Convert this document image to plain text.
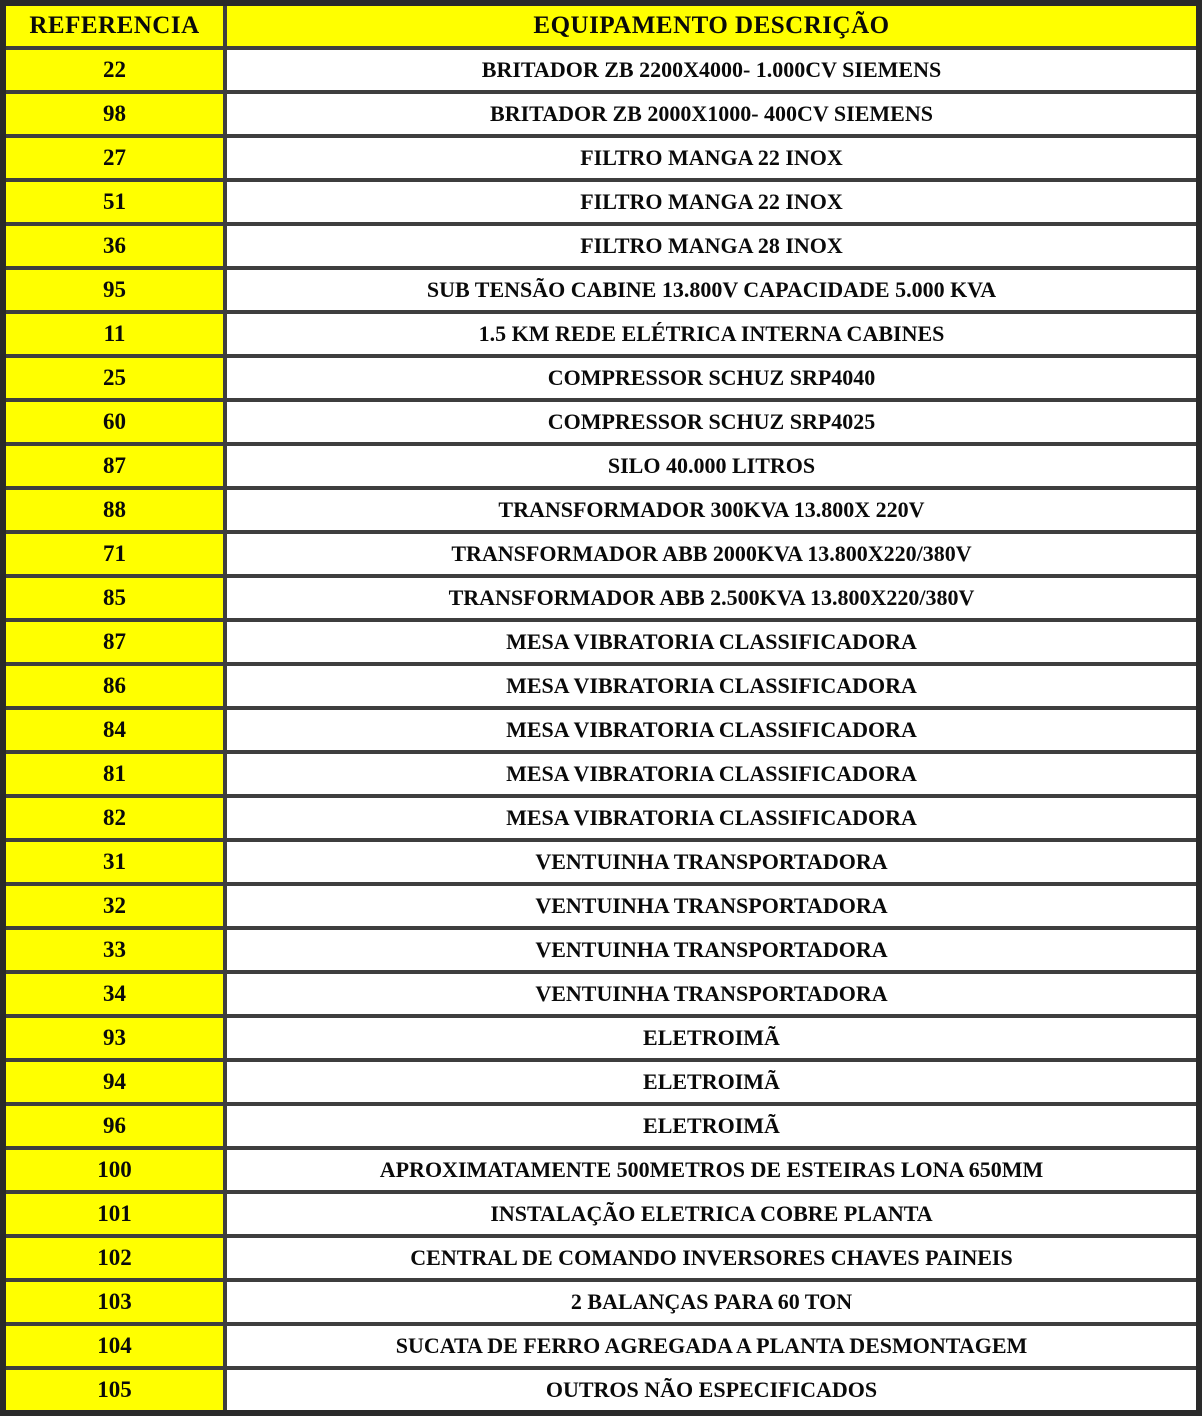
REFERENCIA	EQUIPAMENTO DESCRIÇÃO
22	BRITADOR ZB 2200X4000- 1.000CV SIEMENS
98	BRITADOR ZB 2000X1000- 400CV SIEMENS
27	FILTRO MANGA 22 INOX
51	FILTRO MANGA 22 INOX
36	FILTRO MANGA 28 INOX
95	SUB TENSÃO CABINE 13.800V CAPACIDADE 5.000 KVA
11	1.5 KM REDE ELÉTRICA INTERNA CABINES
25	COMPRESSOR SCHUZ SRP4040
60	COMPRESSOR SCHUZ SRP4025
87	SILO 40.000 LITROS
88	TRANSFORMADOR 300KVA 13.800X 220V
71	TRANSFORMADOR ABB 2000KVA 13.800X220/380V
85	TRANSFORMADOR ABB 2.500KVA 13.800X220/380V
87	MESA VIBRATORIA CLASSIFICADORA
86	MESA VIBRATORIA CLASSIFICADORA
84	MESA VIBRATORIA CLASSIFICADORA
81	MESA VIBRATORIA CLASSIFICADORA
82	MESA VIBRATORIA CLASSIFICADORA
31	VENTUINHA TRANSPORTADORA
32	VENTUINHA TRANSPORTADORA
33	VENTUINHA TRANSPORTADORA
34	VENTUINHA TRANSPORTADORA
93	ELETROIMÃ
94	ELETROIMÃ
96	ELETROIMÃ
100	APROXIMATAMENTE 500METROS DE ESTEIRAS LONA 650MM
101	INSTALAÇÃO ELETRICA COBRE PLANTA
102	CENTRAL DE COMANDO INVERSORES CHAVES PAINEIS
103	2 BALANÇAS PARA 60 TON
104	SUCATA DE FERRO AGREGADA A PLANTA DESMONTAGEM
105	OUTROS NÃO ESPECIFICADOS
